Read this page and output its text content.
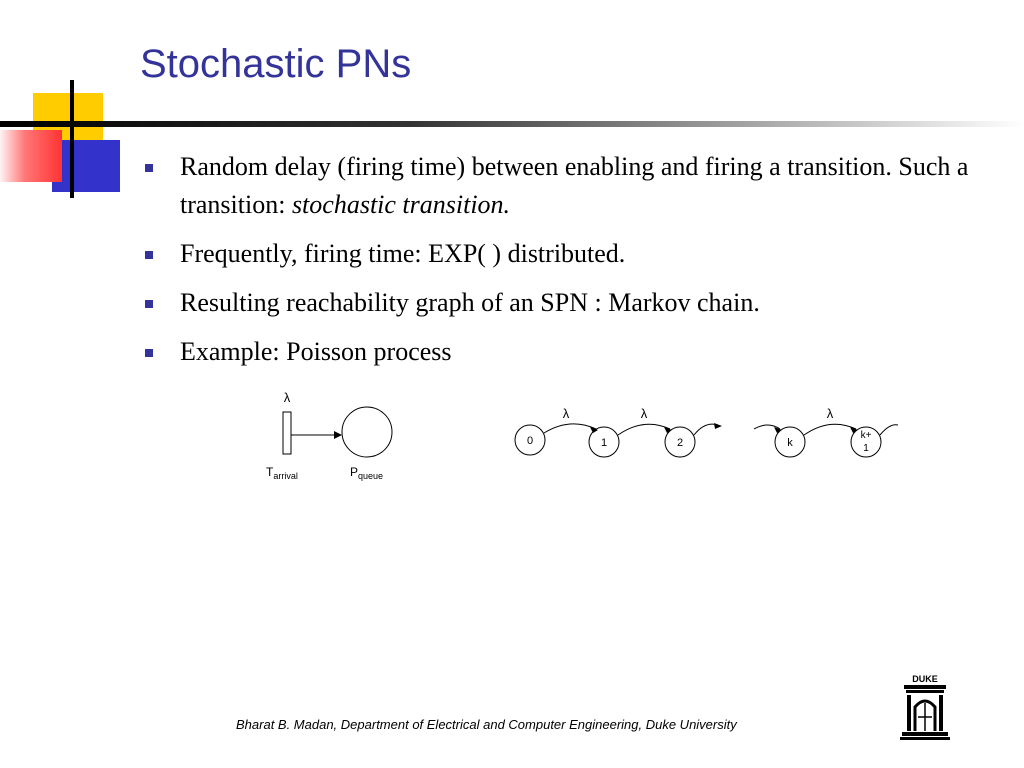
Stochastic PNs
Random delay (firing time) between enabling and firing a transition. Such a transition: stochastic transition.
Frequently, firing time: EXP( ) distributed.
Resulting reachability graph of an SPN : Markov chain.
Example: Poisson process
λ
$T_{arrival}$	$P_{queue}$
0	1	2	k
k+
1
λ	λ	λ
Bharat B. Madan, Department of Electrical and Computer Engineering, Duke University
DUKE
